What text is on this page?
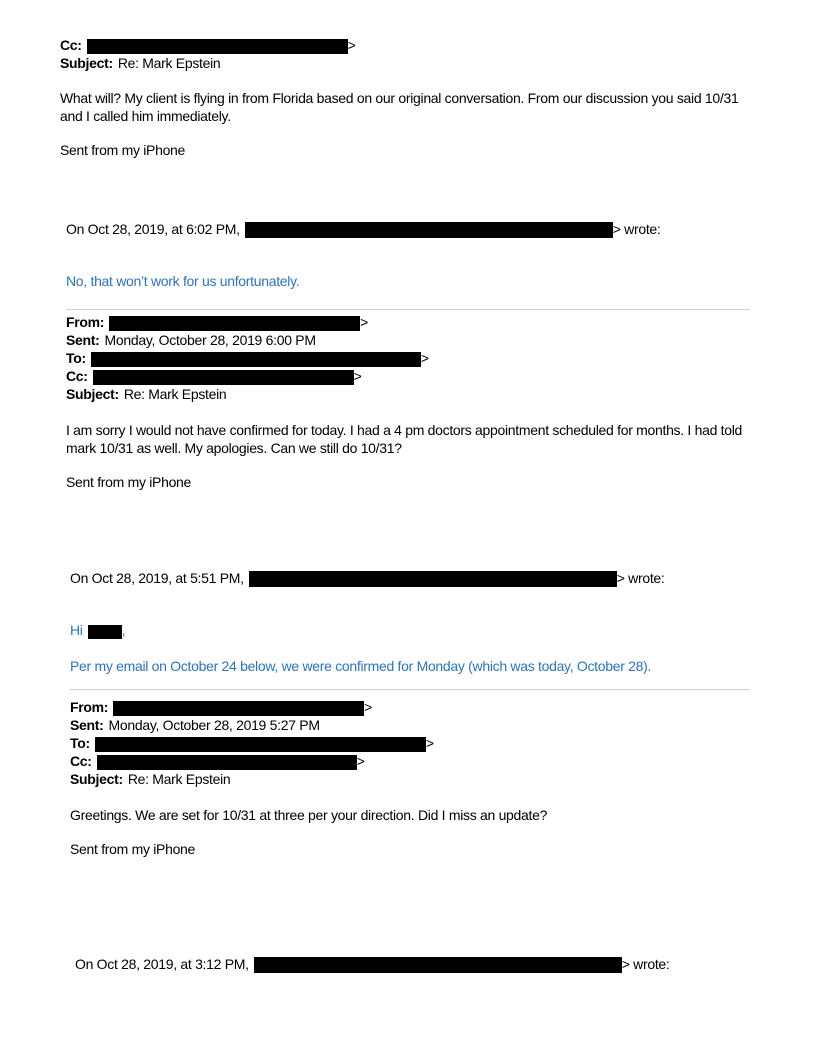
Cc:	>
Subject: Re: Mark Epstein
What will? My client is flying in from Florida based on our original conversation. From our discussion you said 10/31 and I called him immediately.
Sent from my iPhone
On Oct 28, 2019, at 6:02 PM,	> wrote:
No, that won’t work for us unfortunately.
From:	>
Sent: Monday, October 28, 2019 6:00 PM
To:	>
Cc:	>
Subject: Re: Mark Epstein
I am sorry I would not have confirmed for today. I had a 4 pm doctors appointment scheduled for months. I had told mark 10/31 as well. My apologies. Can we still do 10/31?
Sent from my iPhone
On Oct 28, 2019, at 5:51 PM,	> wrote:
Hi	,
Per my email on October 24 below, we were confirmed for Monday (which was today, October 28).
From:	>
Sent: Monday, October 28, 2019 5:27 PM
To:	>
Cc:	>
Subject: Re: Mark Epstein
Greetings. We are set for 10/31 at three per your direction. Did I miss an update?
Sent from my iPhone
On Oct 28, 2019, at 3:12 PM,	> wrote:
